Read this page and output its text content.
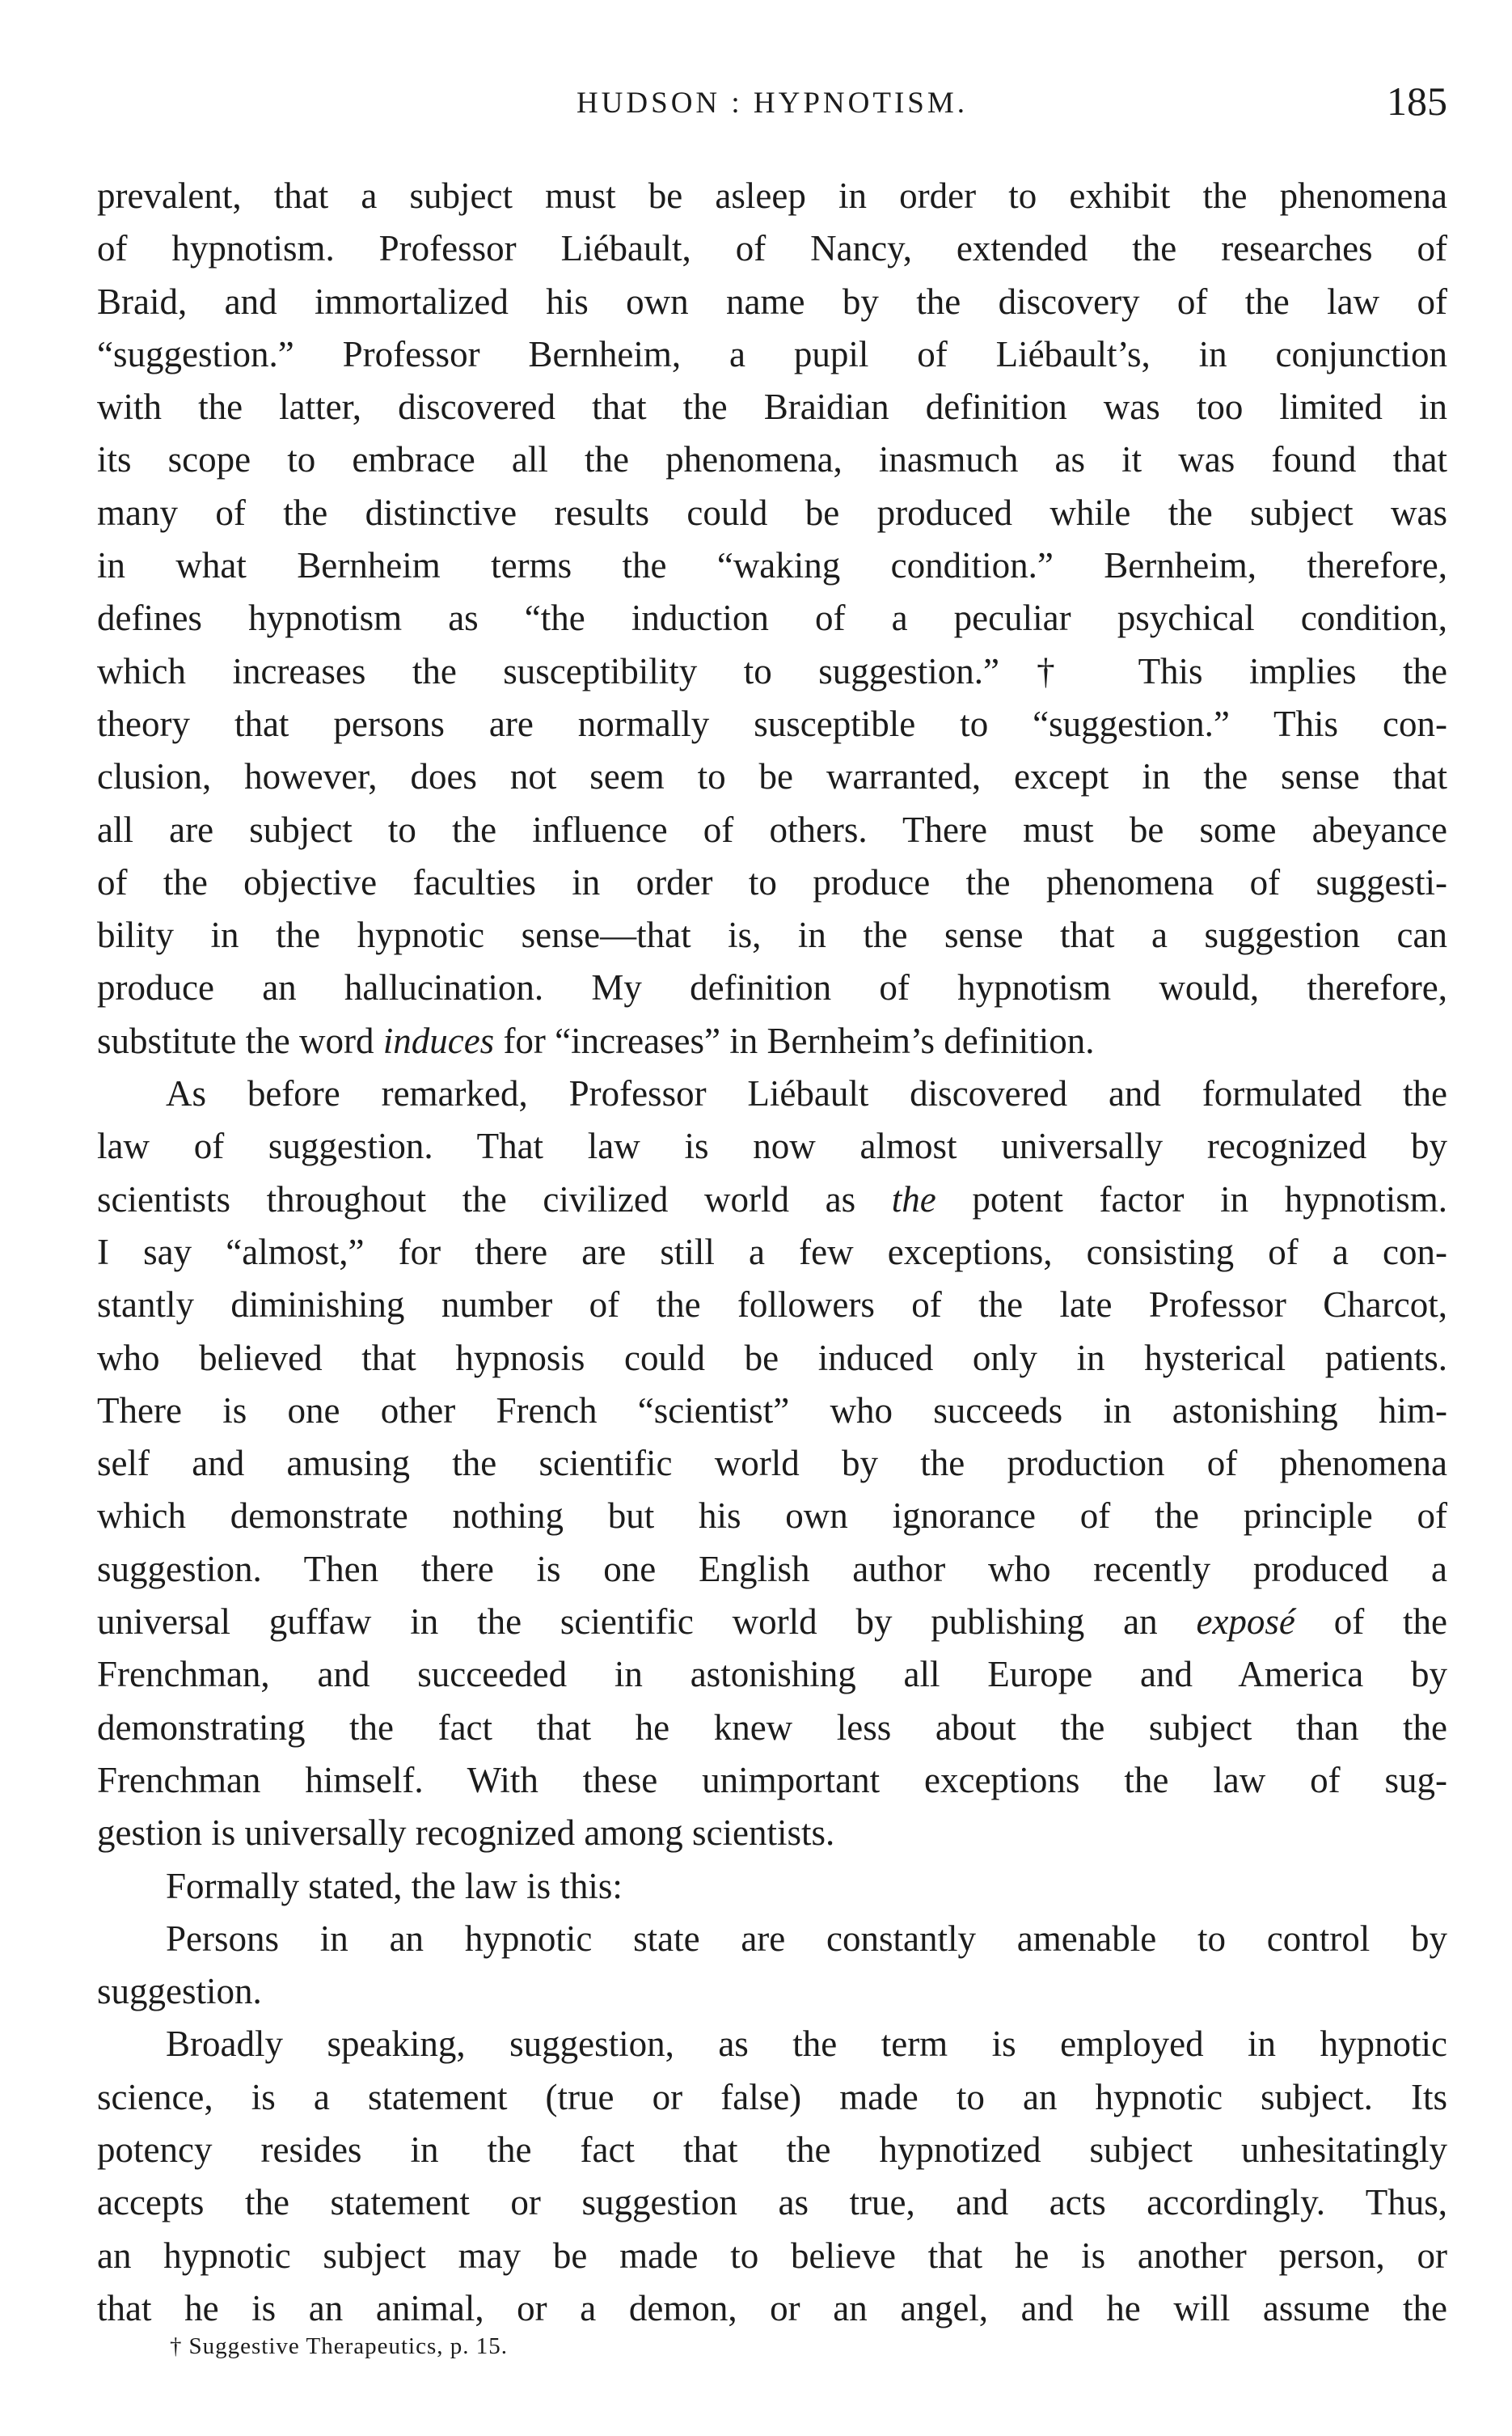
HUDSON : HYPNOTISM.	185
prevalent, that a subject must be asleep in order to exhibit the phenomena
of hypnotism. Professor Liébault, of Nancy, extended the researches of
Braid, and immortalized his own name by the discovery of the law of
“suggestion.” Professor Bernheim, a pupil of Liébault’s, in conjunction
with the latter, discovered that the Braidian definition was too limited in
its scope to embrace all the phenomena, inasmuch as it was found that
many of the distinctive results could be produced while the subject was
in what Bernheim terms the “waking condition.” Bernheim, therefore,
defines hypnotism as “the induction of a peculiar psychical condition,
which increases the susceptibility to suggestion.”† This implies the
theory that persons are normally susceptible to “suggestion.” This con-
clusion, however, does not seem to be warranted, except in the sense that
all are subject to the influence of others. There must be some abeyance
of the objective faculties in order to produce the phenomena of suggesti-
bility in the hypnotic sense—that is, in the sense that a suggestion can
produce an hallucination. My definition of hypnotism would, therefore,
substitute the word induces for “increases” in Bernheim’s definition.
As before remarked, Professor Liébault discovered and formulated the
law of suggestion. That law is now almost universally recognized by
scientists throughout the civilized world as the potent factor in hypnotism.
I say “almost,” for there are still a few exceptions, consisting of a con-
stantly diminishing number of the followers of the late Professor Charcot,
who believed that hypnosis could be induced only in hysterical patients.
There is one other French “scientist” who succeeds in astonishing him-
self and amusing the scientific world by the production of phenomena
which demonstrate nothing but his own ignorance of the principle of
suggestion. Then there is one English author who recently produced a
universal guffaw in the scientific world by publishing an exposé of the
Frenchman, and succeeded in astonishing all Europe and America by
demonstrating the fact that he knew less about the subject than the
Frenchman himself. With these unimportant exceptions the law of sug-
gestion is universally recognized among scientists.
Formally stated, the law is this:
Persons in an hypnotic state are constantly amenable to control by
suggestion.
Broadly speaking, suggestion, as the term is employed in hypnotic
science, is a statement (true or false) made to an hypnotic subject. Its
potency resides in the fact that the hypnotized subject unhesitatingly
accepts the statement or suggestion as true, and acts accordingly. Thus,
an hypnotic subject may be made to believe that he is another person, or
that he is an animal, or a demon, or an angel, and he will assume the
† Suggestive Therapeutics, p. 15.
